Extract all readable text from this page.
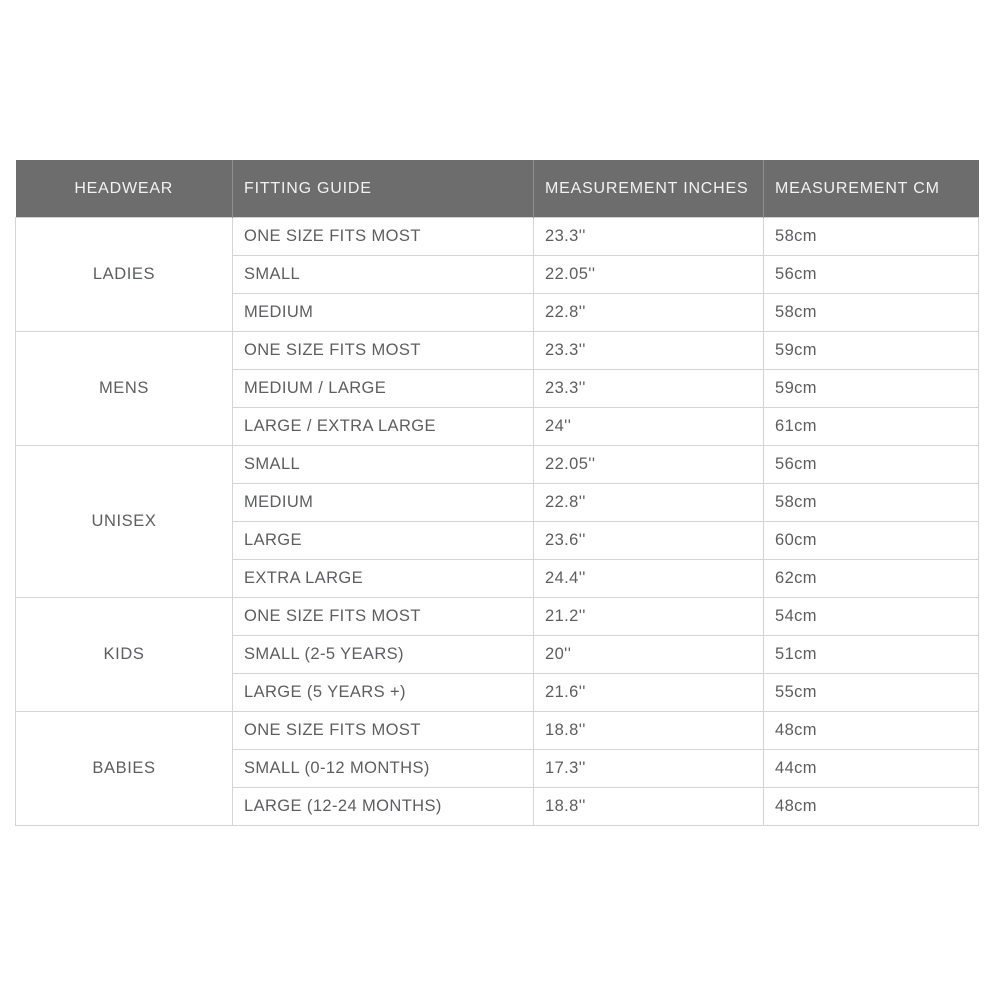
HEADWEAR	FITTING GUIDE	MEASUREMENT INCHES	MEASUREMENT CM
LADIES	ONE SIZE FITS MOST	23.3''	58cm
	SMALL	22.05''	56cm
	MEDIUM	22.8''	58cm
MENS	ONE SIZE FITS MOST	23.3''	59cm
	MEDIUM / LARGE	23.3''	59cm
	LARGE / EXTRA LARGE	24''	61cm
UNISEX	SMALL	22.05''	56cm
	MEDIUM	22.8''	58cm
	LARGE	23.6''	60cm
	EXTRA LARGE	24.4''	62cm
KIDS	ONE SIZE FITS MOST	21.2''	54cm
	SMALL (2-5 YEARS)	20''	51cm
	LARGE (5 YEARS +)	21.6''	55cm
BABIES	ONE SIZE FITS MOST	18.8''	48cm
	SMALL (0-12 MONTHS)	17.3''	44cm
	LARGE (12-24 MONTHS)	18.8''	48cm
